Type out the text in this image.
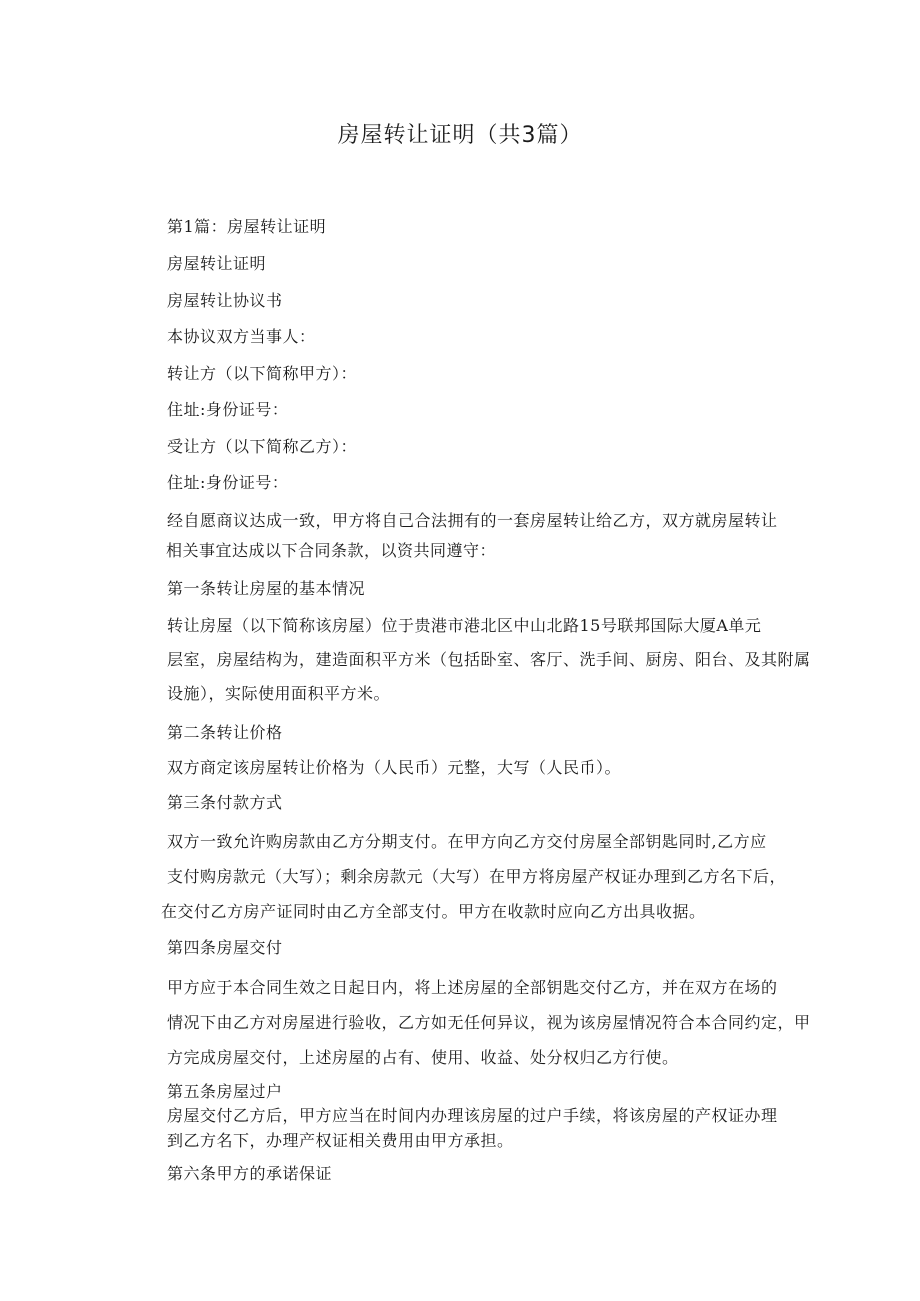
房屋转让证明（共3篇）
第1篇：房屋转让证明
房屋转让证明
房屋转让协议书
本协议双方当事人：
转让方（以下简称甲方）：
住址:身份证号：
受让方（以下简称乙方）：
住址:身份证号：
经自愿商议达成一致，甲方将自己合法拥有的一套房屋转让给乙方，双方就房屋转让
相关事宜达成以下合同条款，以资共同遵守：
第一条转让房屋的基本情况
转让房屋（以下简称该房屋）位于贵港市港北区中山北路15号联邦国际大厦A单元
层室，房屋结构为，建造面积平方米（包括卧室、客厅、洗手间、厨房、阳台、及其附属
设施），实际使用面积平方米。
第二条转让价格
双方商定该房屋转让价格为（人民币）元整，大写（人民币）。
第三条付款方式
双方一致允许购房款由乙方分期支付。在甲方向乙方交付房屋全部钥匙同时,乙方应
支付购房款元（大写）；剩余房款元（大写）在甲方将房屋产权证办理到乙方名下后，
在交付乙方房产证同时由乙方全部支付。甲方在收款时应向乙方出具收据。
第四条房屋交付
甲方应于本合同生效之日起日内，将上述房屋的全部钥匙交付乙方，并在双方在场的
情况下由乙方对房屋进行验收，乙方如无任何异议，视为该房屋情况符合本合同约定，甲
方完成房屋交付，上述房屋的占有、使用、收益、处分权归乙方行使。
第五条房屋过户
房屋交付乙方后，甲方应当在时间内办理该房屋的过户手续，将该房屋的产权证办理
到乙方名下，办理产权证相关费用由甲方承担。
第六条甲方的承诺保证
